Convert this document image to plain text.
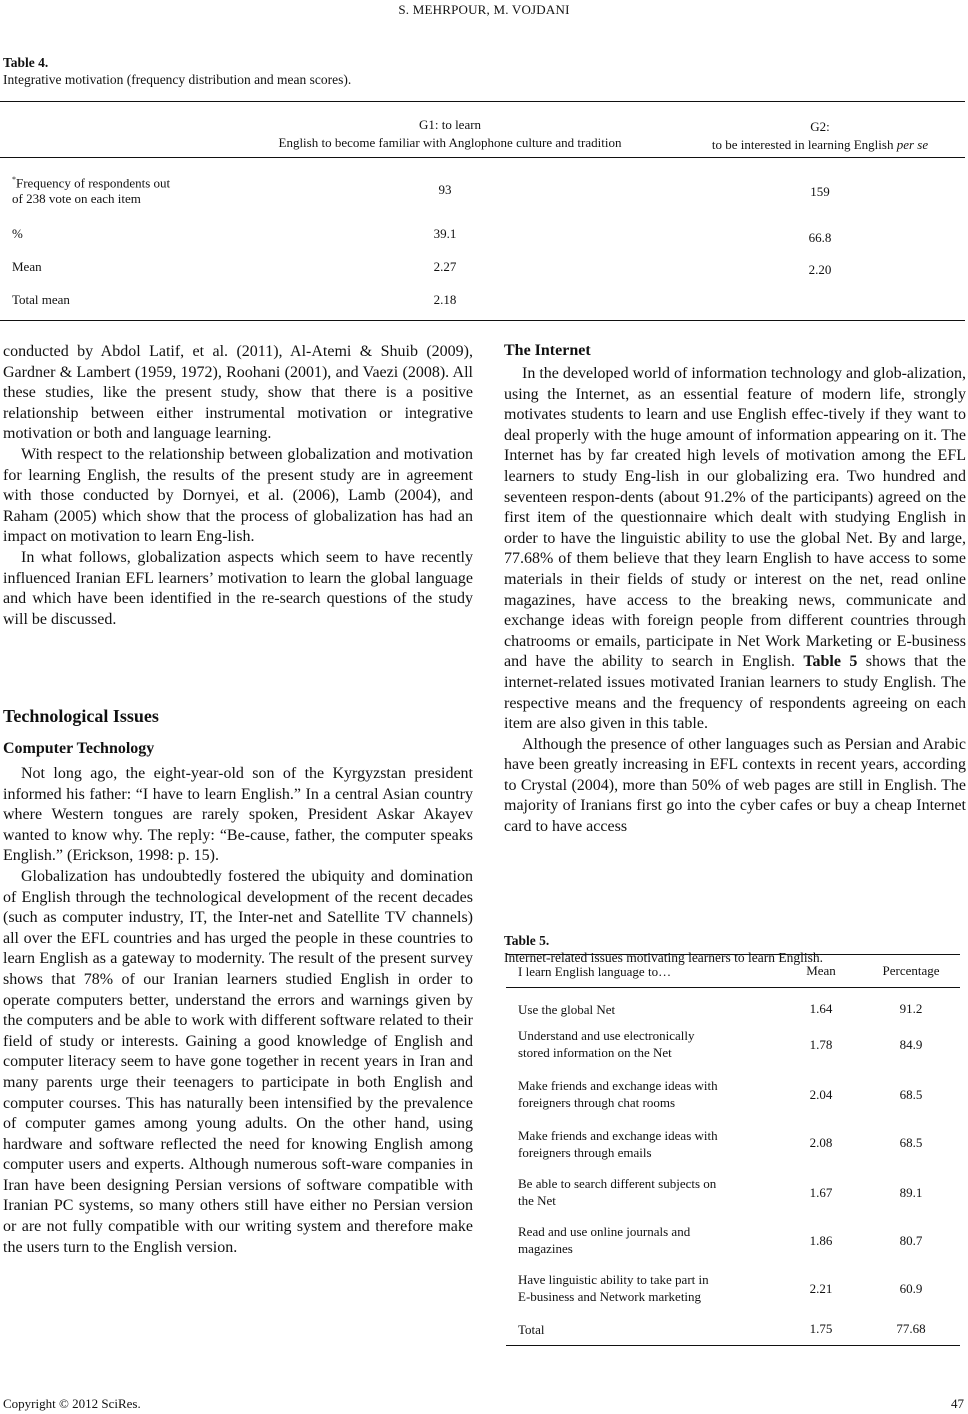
S. MEHRPOUR, M. VOJDANI
Table 4.
Integrative motivation (frequency distribution and mean scores).
G1: to learn
English to become familiar with Anglophone culture and tradition
G2:
to be interested in learning English per se
*Frequency of respondents out
of 238 vote on each item
93	159
%	39.1	66.8
Mean	2.27	2.20
Total mean	2.18

conducted by Abdol Latif, et al. (2011), Al-Atemi & Shuib (2009), Gardner & Lambert (1959, 1972), Roohani (2001), and Vaezi (2008). All these studies, like the present study, show that there is a positive relationship between either instrumental motivation or integrative motivation or both and language learning.

With respect to the relationship between globalization and motivation for learning English, the results of the present study are in agreement with those conducted by Dornyei, et al. (2006), Lamb (2004), and Raham (2005) which show that the process of globalization has had an impact on motivation to learn Eng-lish.

In what follows, globalization aspects which seem to have recently influenced Iranian EFL learners’ motivation to learn the global language and which have been identified in the re-search questions of the study will be discussed.

Technological Issues
Computer Technology

Not long ago, the eight-year-old son of the Kyrgyzstan president informed his father: “I have to learn English.” In a central Asian country where Western tongues are rarely spoken, President Askar Akayev wanted to know why. The reply: “Be-cause, father, the computer speaks English.” (Erickson, 1998: p. 15).

Globalization has undoubtedly fostered the ubiquity and domination of English through the technological development of the recent decades (such as computer industry, IT, the Inter-net and Satellite TV channels) all over the EFL countries and has urged the people in these countries to learn English as a gateway to modernity. The result of the present survey shows that 78% of our Iranian learners studied English in order to operate computers better, understand the errors and warnings given by the computers and be able to work with different software related to their field of study or interests. Gaining a good knowledge of English and computer literacy seem to have gone together in recent years in Iran and many parents urge their teenagers to participate in both English and computer courses. This has naturally been intensified by the prevalence of computer games among young adults. On the other hand, using hardware and software reflected the need for knowing English among computer users and experts. Although numerous soft-ware companies in Iran have been designing Persian versions of software compatible with Iranian PC systems, so many others still have either no Persian version or are not fully compatible with our writing system and therefore make the users turn to the English version.

The Internet

In the developed world of information technology and glob-alization, using the Internet, as an essential feature of modern life, strongly motivates students to learn and use English effec-tively if they want to deal properly with the huge amount of information appearing on it. The Internet has by far created high levels of motivation among the EFL learners to study Eng-lish in our globalizing era. Two hundred and seventeen respon-dents (about 91.2% of the participants) agreed on the first item of the questionnaire which dealt with studying English in order to have the linguistic ability to use the global Net. By and large, 77.68% of them believe that they learn English to have access to some materials in their fields of study or interest on the net, read online magazines, have access to the breaking news, communicate and exchange ideas with foreign people from different countries through chatrooms or emails, participate in Net Work Marketing or E-business and have the ability to search in English. Table 5 shows that the internet-related issues motivated Iranian learners to study English. The respective means and the frequency of respondents agreeing on each item are also given in this table.

Although the presence of other languages such as Persian and Arabic have been greatly increasing in EFL contexts in recent years, according to Crystal (2004), more than 50% of web pages are still in English. The majority of Iranians first go into the cyber cafes or buy a cheap Internet card to have access

Table 5.
Internet-related issues motivating learners to learn English.
I learn English language to…	Mean	Percentage
Use the global Net	1.64	91.2
Understand and use electronically
stored information on the Net
1.78	84.9
Make friends and exchange ideas with
foreigners through chat rooms
2.04	68.5
Make friends and exchange ideas with
foreigners through emails
2.08	68.5
Be able to search different subjects on
the Net
1.67	89.1
Read and use online journals and
magazines
1.86	80.7
Have linguistic ability to take part in
E-business and Network marketing
2.21	60.9
Total	1.75	77.68
Copyright © 2012 SciRes.	47
